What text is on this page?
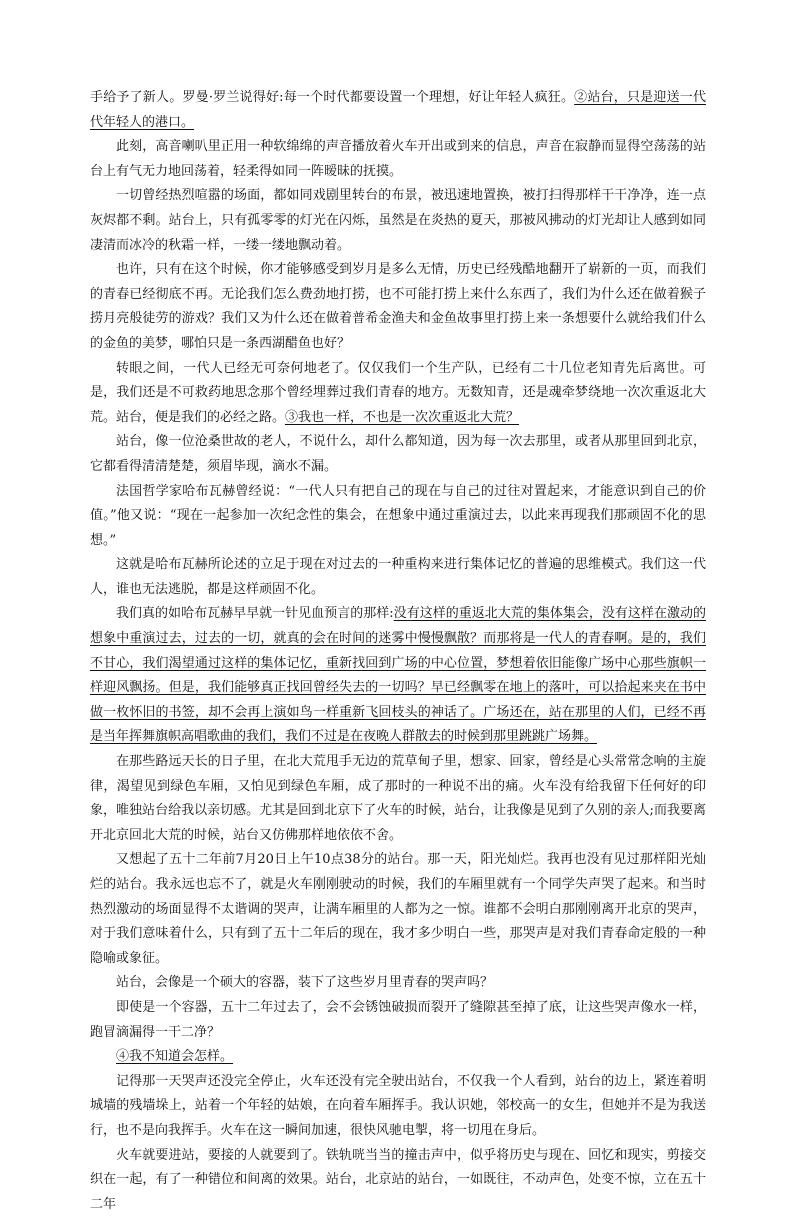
手给予了新人。罗曼·罗兰说得好:每一个时代都要设置一个理想，好让年轻人疯狂。②站台，只是迎送一代代年轻人的港口。

此刻，高音喇叭里正用一种软绵绵的声音播放着火车开出或到来的信息，声音在寂静而显得空荡荡的站台上有气无力地回荡着，轻柔得如同一阵暧昧的抚摸。

一切曾经热烈喧嚣的场面，都如同戏剧里转台的布景，被迅速地置换，被打扫得那样干干净净，连一点灰烬都不剩。站台上，只有孤零零的灯光在闪烁，虽然是在炎热的夏天，那被风拂动的灯光却让人感到如同凄清而冰冷的秋霜一样，一缕一缕地飘动着。

也许，只有在这个时候，你才能够感受到岁月是多么无情，历史已经残酷地翻开了崭新的一页，而我们的青春已经彻底不再。无论我们怎么费劲地打捞，也不可能打捞上来什么东西了，我们为什么还在做着猴子捞月亮般徒劳的游戏？我们又为什么还在做着普希金渔夫和金鱼故事里打捞上来一条想要什么就给我们什么的金鱼的美梦，哪怕只是一条西湖醋鱼也好？

转眼之间，一代人已经无可奈何地老了。仅仅我们一个生产队，已经有二十几位老知青先后离世。可是，我们还是不可救药地思念那个曾经埋葬过我们青春的地方。无数知青，还是魂牵梦绕地一次次重返北大荒。站台，便是我们的必经之路。③我也一样，不也是一次次重返北大荒？

站台，像一位沧桑世故的老人，不说什么，却什么都知道，因为每一次去那里，或者从那里回到北京，它都看得清清楚楚，须眉毕现，滴水不漏。

法国哲学家哈布瓦赫曾经说：“一代人只有把自己的现在与自己的过往对置起来，才能意识到自己的价值。”他又说：“现在一起参加一次纪念性的集会，在想象中通过重演过去，以此来再现我们那顽固不化的思想。”

这就是哈布瓦赫所论述的立足于现在对过去的一种重构来进行集体记忆的普遍的思维模式。我们这一代人，谁也无法逃脱，都是这样顽固不化。

我们真的如哈布瓦赫早早就一针见血预言的那样:没有这样的重返北大荒的集体集会，没有这样在激动的想象中重演过去，过去的一切，就真的会在时间的迷雾中慢慢飘散？而那将是一代人的青春啊。是的，我们不甘心，我们渴望通过这样的集体记忆，重新找回到广场的中心位置，梦想着依旧能像广场中心那些旗帜一样迎风飘扬。但是，我们能够真正找回曾经失去的一切吗？早已经飘零在地上的落叶，可以拾起来夹在书中做一枚怀旧的书签，却不会再上演如鸟一样重新飞回枝头的神话了。广场还在，站在那里的人们，已经不再是当年挥舞旗帜高唱歌曲的我们，我们不过是在夜晚人群散去的时候到那里跳跳广场舞。

在那些路远天长的日子里，在北大荒甩手无边的荒草甸子里，想家、回家，曾经是心头常常念响的主旋律，渴望见到绿色车厢，又怕见到绿色车厢，成了那时的一种说不出的痛。火车没有给我留下任何好的印象，唯独站台给我以亲切感。尤其是回到北京下了火车的时候，站台，让我像是见到了久别的亲人;而我要离开北京回北大荒的时候，站台又仿佛那样地依依不舍。

又想起了五十二年前7月20日上午10点38分的站台。那一天，阳光灿烂。我再也没有见过那样阳光灿烂的站台。我永远也忘不了，就是火车刚刚驶动的时候，我们的车厢里就有一个同学失声哭了起来。和当时热烈激动的场面显得不太谐调的哭声，让满车厢里的人都为之一惊。谁都不会明白那刚刚离开北京的哭声，对于我们意味着什么，只有到了五十二年后的现在，我才多少明白一些，那哭声是对我们青春命定般的一种隐喻或象征。

站台，会像是一个硕大的容器，装下了这些岁月里青春的哭声吗？

即使是一个容器，五十二年过去了，会不会锈蚀破损而裂开了缝隙甚至掉了底，让这些哭声像水一样，跑冒滴漏得一干二净？

④我不知道会怎样。

记得那一天哭声还没完全停止，火车还没有完全驶出站台，不仅我一个人看到，站台的边上，紧连着明城墙的残墙垛上，站着一个年轻的姑娘，在向着车厢挥手。我认识她，邻校高一的女生，但她并不是为我送行，也不是向我挥手。火车在这一瞬间加速，很快风驰电掣，将一切甩在身后。

火车就要进站，要接的人就要到了。铁轨咣当当的撞击声中，似乎将历史与现在、回忆和现实，剪接交织在一起，有了一种错位和间离的效果。站台，北京站的站台，一如既往，不动声色，处变不惊，立在五十二年
